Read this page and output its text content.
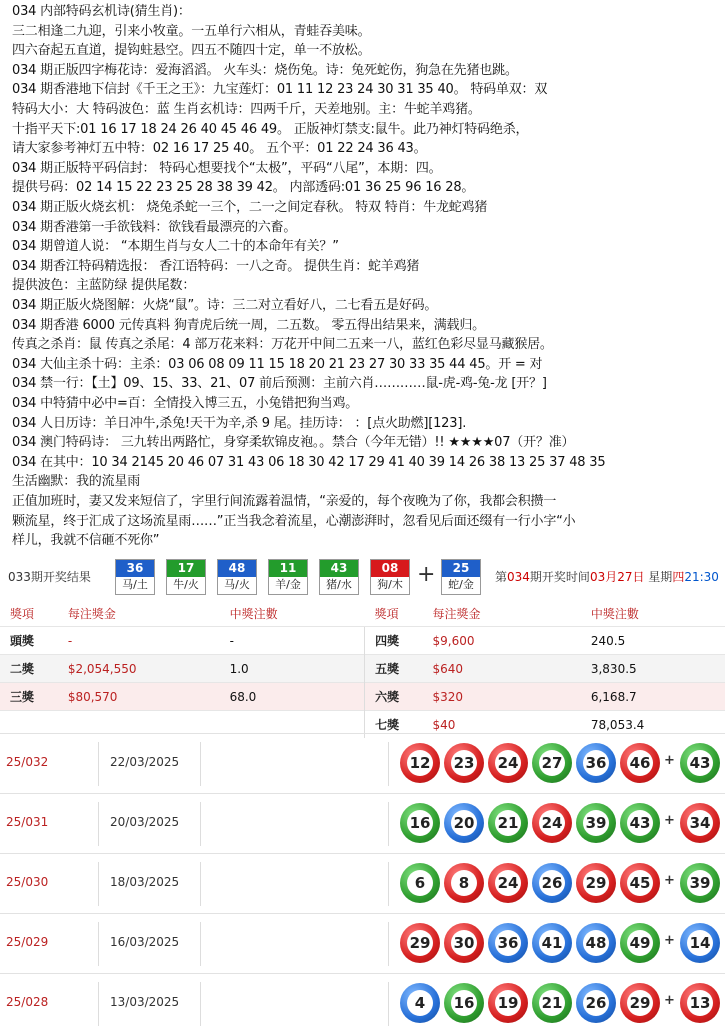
034 内部特码玄机诗(猜生肖)：
三二相逢二九迎，引来小牧童。一五单行六相从，青蛙吞美味。
四六奋起五直道，提钩蛀悬空。四五不随四十定，单一不放松。
034 期正版四字梅花诗：爱海滔滔。 火车头：烧伤兔。诗：兔死蛇伤，狗急在先猪也跳。
034 期香港地下信封《千王之王》：九宝莲灯：01 11 12 23 24 30 31 35 40。 特码单双：双
特码大小：大 特码波色：蓝 生肖玄机诗：四两千斤，天差地别。主：牛蛇羊鸡猪。
十指平天下:01 16 17 18 24 26 40 45 46 49。 正版神灯禁支:鼠牛。此乃神灯特码绝杀，
请大家参考神灯五中特：02 16 17 25 40。 五个平：01 22 24 36 43。
034 期正版特平码信封： 特码心想要找个“太极”，平码“八尾”，本期：四。
提供号码：02 14 15 22 23 25 28 38 39 42。 内部透码:01 36 25 96 16 28。
034 期正版火烧玄机： 烧兔杀蛇一三个，二一之间定春秋。 特双 特肖：牛龙蛇鸡猪
034 期香港第一手欲钱料：欲钱看最漂亮的六畜。
034 期曾道人说： “本期生肖与女人二十的本命年有关？”
034 期香江特码精选报： 香江语特码：一八之奇。 提供生肖：蛇羊鸡猪
提供波色：主蓝防绿 提供尾数：
034 期正版火烧图解：火烧“鼠”。诗：三二对立看好八，二七看五是好码。
034 期香港 6000 元传真料 狗青虎后统一周，二五数。 零五得出结果来，满载归。
传真之杀肖：鼠 传真之杀尾：4 部万花来料：万花开中间二五来一八，蓝红色彩尽显马藏猴居。
034 大仙主杀十码：主杀：03 06 08 09 11 15 18 20 21 23 27 30 33 35 44 45。开 = 对
034 禁一行：【土】09、15、33、21、07 前后预测：主前六肖…………鼠-虎-鸡-兔-龙 [开？]
034 中特猜中必中=百：全情投入博三五，小兔错把狗当鸡。
034 人日历诗：羊日冲牛,杀兔!天干为辛,杀 9 尾。挂历诗： ：[点火助燃][123].
034 澳门特码诗： 三九转出两路忙，身穿柔软锦皮袍。。禁合（今年无错）!! ★★★★07（开？准）
034 在其中：10 34 2145 20 46 07 31 43 06 18 30 42 17 29 41 40 39 14 26 38 13 25 37 48 35
生活幽默：我的流星雨
正值加班时，妻又发来短信了，字里行间流露着温情，“亲爱的，每个夜晚为了你，我都会积攒一
颗流星，终于汇成了这场流星雨……”正当我念着流星，心潮澎湃时，忽看见后面还缀有一行小字“小
样儿，我就不信砸不死你”
033期开奖结果
36
马/土
17
牛/火
48
马/火
11
羊/金
43
猪/水
08
狗/木
25
蛇/金
+	第034期开奖时间03月27日 星期四21:30
獎項	每注獎金	中獎注數	獎項	每注獎金	中獎注數
頭獎	-	-	四獎	$9,600	240.5
二獎	$2,054,550	1.0	五獎	$640	3,830.5
三獎	$80,570	68.0	六獎	$320	6,168.7
			七獎	$40	78,053.4
25/032	22/03/2025	12 23 24 27 36 46 + 43
25/031	20/03/2025	16 20 21 24 39 43 + 34
25/030	18/03/2025	6	8	24 26 29 45 + 39
25/029	16/03/2025	29 30 36 41 48 49 + 14
25/028	13/03/2025	4	16 19 21 26 29 + 13
